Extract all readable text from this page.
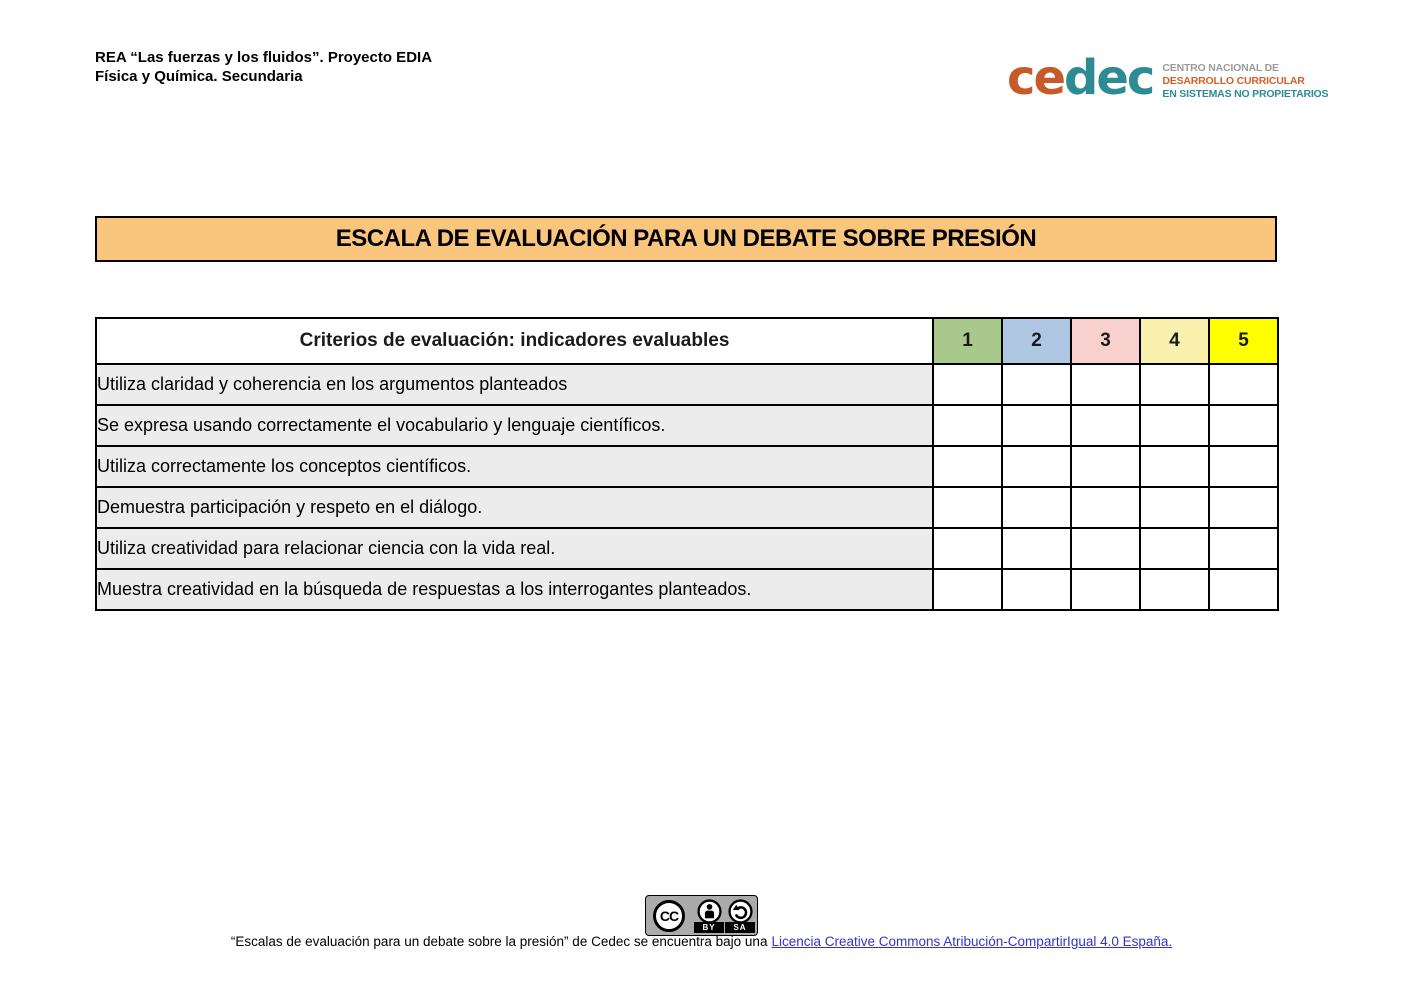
REA “Las fuerzas y los fluidos”. Proyecto EDIA
Física y Química. Secundaria	cedec CENTRO NACIONAL DE
DESARROLLO CURRICULAR
EN SISTEMAS NO PROPIETARIOS
ESCALA DE EVALUACIÓN PARA UN DEBATE SOBRE PRESIÓN
Criterios de evaluación: indicadores evaluables	1	2	3	4	5
Utiliza claridad y coherencia en los argumentos planteados					
Se expresa usando correctamente el vocabulario y lenguaje científicos.					
Utiliza correctamente los conceptos científicos.					
Demuestra participación y respeto en el diálogo.					
Utiliza creatividad para relacionar ciencia con la vida real.					
Muestra creatividad en la búsqueda de respuestas a los interrogantes planteados.					
CC
BY	SA
“Escalas de evaluación para un debate sobre la presión” de Cedec se encuentra bajo una Licencia Creative Commons Atribución-CompartirIgual 4.0 España.
